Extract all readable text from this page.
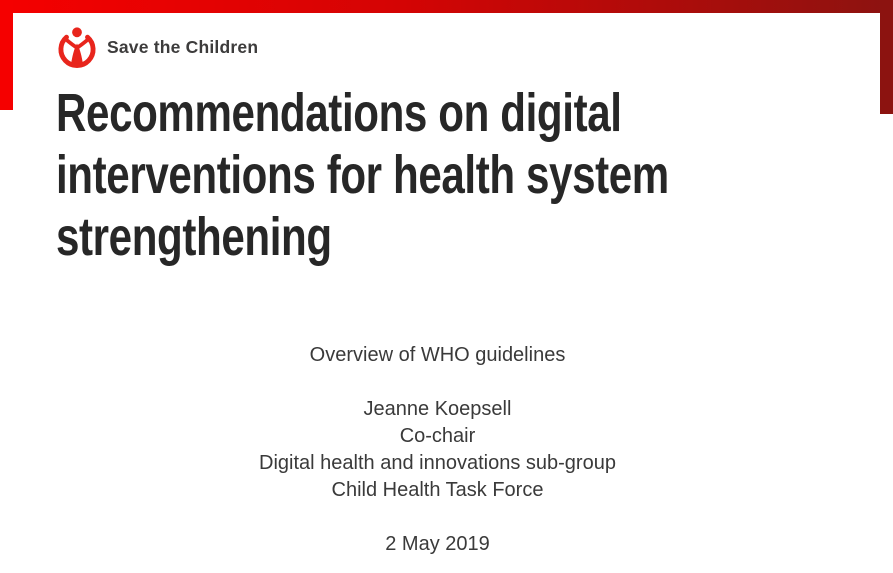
Save the Children
Recommendations on digital
interventions for health system
strengthening
Overview of WHO guidelines
Jeanne Koepsell
Co-chair
Digital health and innovations sub-group
Child Health Task Force
2 May 2019
